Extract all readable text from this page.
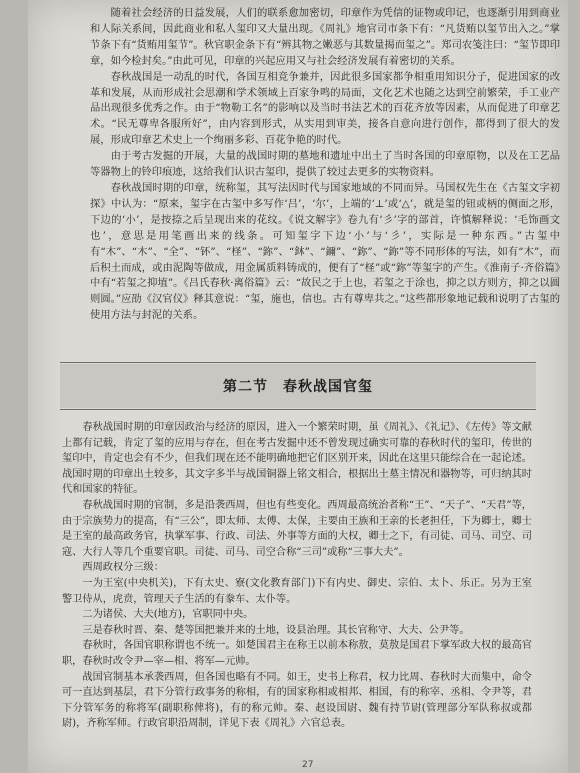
随着社会经济的日益发展，人们的联系愈加密切，印章作为凭信的证物或印记，也逐渐引用到商业和人际关系间，因此商业和私人玺印又大量出现。《周礼》地官司市条下有：“凡货贿以玺节出入之。”掌节条下有“货贿用玺节”。秋官职金条下有“辨其物之嫩恶与其数量揭而玺之”。郑司农笺注曰：“玺节即印章，如今检封矣。”由此可见，印章的兴起应用又与社会经济发展有着密切的关系。

春秋战国是一动乱的时代，各国互相竞争兼并，因此很多国家都争相重用知识分子，促进国家的改革和发展，从而形成社会思潮和学术领域上百家争鸣的局面，文化艺术也随之达到空前繁荣，手工业产品出现很多优秀之作。由于“物勒工名”的影响以及当时书法艺术的百花齐放等因素，从而促进了印章艺术。“民无尊卑各服所好”，由内容到形式，从实用到审美，接各自意向进行创作，都得到了很大的发展，形成印章艺术史上一个绚丽多彩、百花争艳的时代。

由于考古发掘的开展，大量的战国时期的墓地和遗址中出土了当时各国的印章原物，以及在工艺品等器物上的铃印痕迹，这给我们认识古玺印，提供了较过去更多的实物资料。

春秋战国时期的印章，统称玺，其写法因时代与国家地域的不同而异。马国权先生在《古玺文字初探》中认为：“原来，玺字在古玺中多写作‘吕’，‘尔’，上端的‘⊥’或‘△’，就是玺的钮或柄的侧面之形，下边的‘小’，是按捺之后呈现出来的花纹。《说文解字》卷九有‘彡’字的部首，许慎解释说：‘毛饰画文也’，意思是用笔画出来的线条。可知玺字下边‘小’与‘彡’，实际是一种东西。”古玺中有“木”、“木”、“全”、“钚”、“柽”、“鉨”、“鈢”、“鑈”、“鉨”、“鉨”等不同形体的写法，如有“木”，而后积土而成，或由泥陶等做成，用金属质料铸成的，便有了“柽”或“鉨”等玺字的产生。《淮南子·齐俗篇》中有“若玺之抑埴”。《吕氏春秋·离俗篇》云：“故民之于上也，若玺之于涂也，抑之以方则方，抑之以圆则圆。”应劭《汉官仪》释其意说：“玺，施也，信也。古有尊卑共之。”这些都形象地记载和说明了古玺的使用方法与封泥的关系。

第二节　春秋战国官玺

春秋战国时期的印章因政治与经济的原因，进入一个繁荣时期，虽《周礼》、《礼记》、《左传》等文献上都有记载，肯定了玺的应用与存在，但在考古发掘中还不曾发现过确实可靠的春秋时代的玺印，传世的玺印中，肯定也会有不少，但我们现在还不能明确地把它们区别开来，因此在这里只能综合在一起论述。战国时期的印章出土较多，其文字多半与战国铜器上铭文相合，根据出土墓主情况和器物等，可归纳其时代和国家的特征。

春秋战国时期的官制，多是沿袭西周，但也有些变化。西周最高统治者称“王”、“天子”、“天君”等，由于宗族势力的提高，有“三公”，即太师、太傅、太保，主要由王族和王亲的长老担任，下为卿士，卿士是王室的最高政务官，执掌军事、行政、司法、外事等方面的大权，卿士之下，有司徒、司马、司空、司寇、大行人等几个重要官职。司徒、司马、司空合称“三司”或称“三事大夫”。

西周政权分三级：

一为王室(中央机关)，下有太史、寮(文化教育部门)下有内史、御史、宗伯、太卜、乐正。另为王室警卫侍从，虎贲，管理天子生活的有豢车、太仆等。

二为诸侯、大夫(地方)，官职同中央。

三是春秋时晋、秦、楚等国把兼并来的土地，设县治理。其长官称守、大夫、公尹等。

春秋时，各国官职称谓也不统一。如楚国君主在称王以前本称敖，莫敖是国君下掌军政大权的最高官职，春秋时改令尹—宰—相、将军—元帅。

战国官制基本承袭西周，但各国也略有不同。如王，史书上称君，权力比周、春秋时大而集中，命令可一直达到基层，君下分管行政事务的称相，有的国家称相或相邦、相国，有的称宰、丞相、令尹等，君下分管军务的称将军(副职称俾将)，有的称元帅。秦、赵设国尉、魏有持节尉(管理部分军队称叔或都尉)，齐称军师。行政官职沿周制，详见下表《周礼》六官总表。

27
